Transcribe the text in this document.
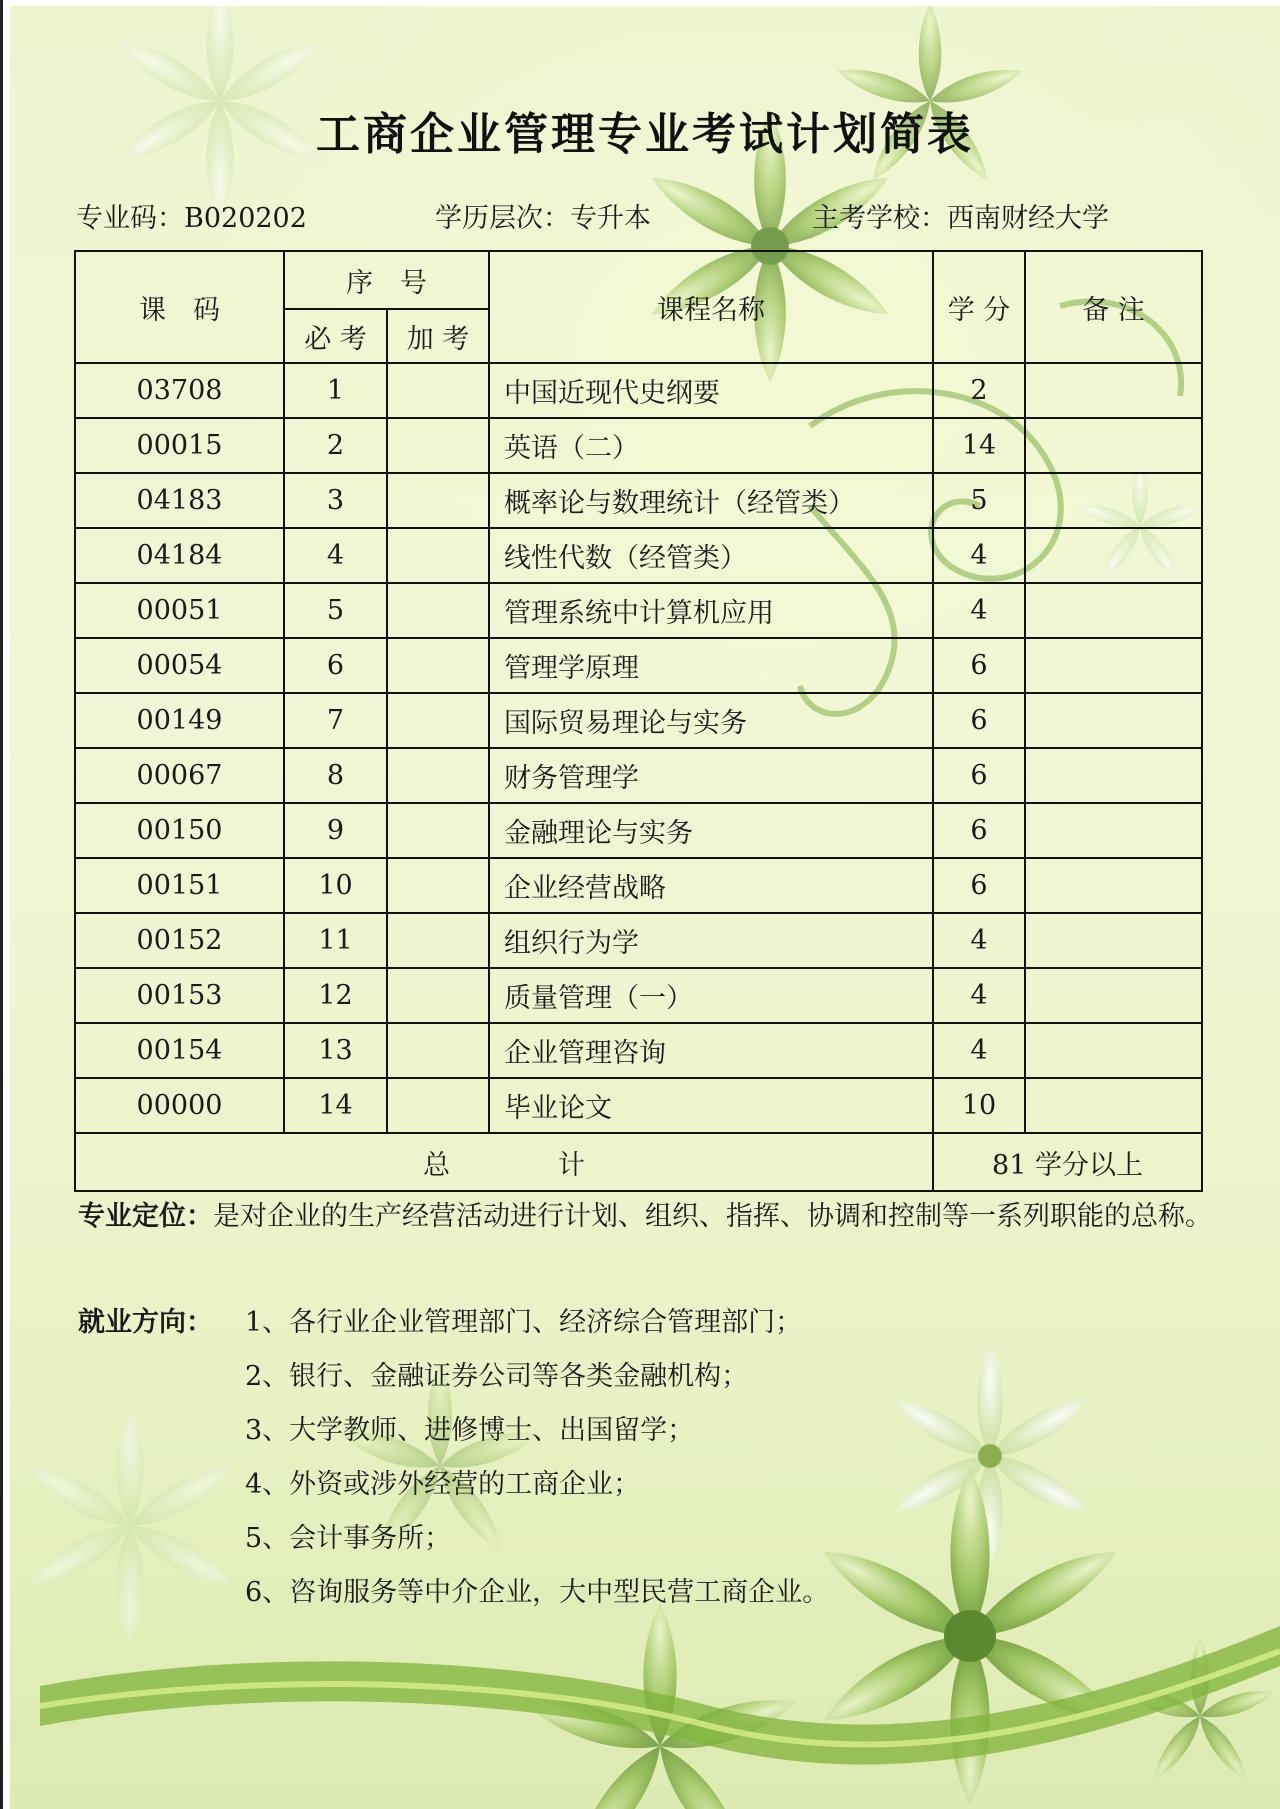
工商企业管理专业考试计划简表
专业码：B020202	学历层次：专升本	主考学校：西南财经大学
课　码	序　号		课程名称	学 分	备 注
	必 考	加 考			
03708	1		中国近现代史纲要	2	
00015	2		英语（二）	14	
04183	3		概率论与数理统计（经管类）	5	
04184	4		线性代数（经管类）	4	
00051	5		管理系统中计算机应用	4	
00054	6		管理学原理	6	
00149	7		国际贸易理论与实务	6	
00067	8		财务管理学	6	
00150	9		金融理论与实务	6	
00151	10		企业经营战略	6	
00152	11		组织行为学	4	
00153	12		质量管理（一）	4	
00154	13		企业管理咨询	4	
00000	14		毕业论文	10	
总　　　　计				81 学分以上	
专业定位：是对企业的生产经营活动进行计划、组织、指挥、协调和控制等一系列职能的总称。
就业方向： 1、各行业企业管理部门、经济综合管理部门；
2、银行、金融证券公司等各类金融机构；
3、大学教师、进修博士、出国留学；
4、外资或涉外经营的工商企业；
5、会计事务所；
6、咨询服务等中介企业，大中型民营工商企业。
